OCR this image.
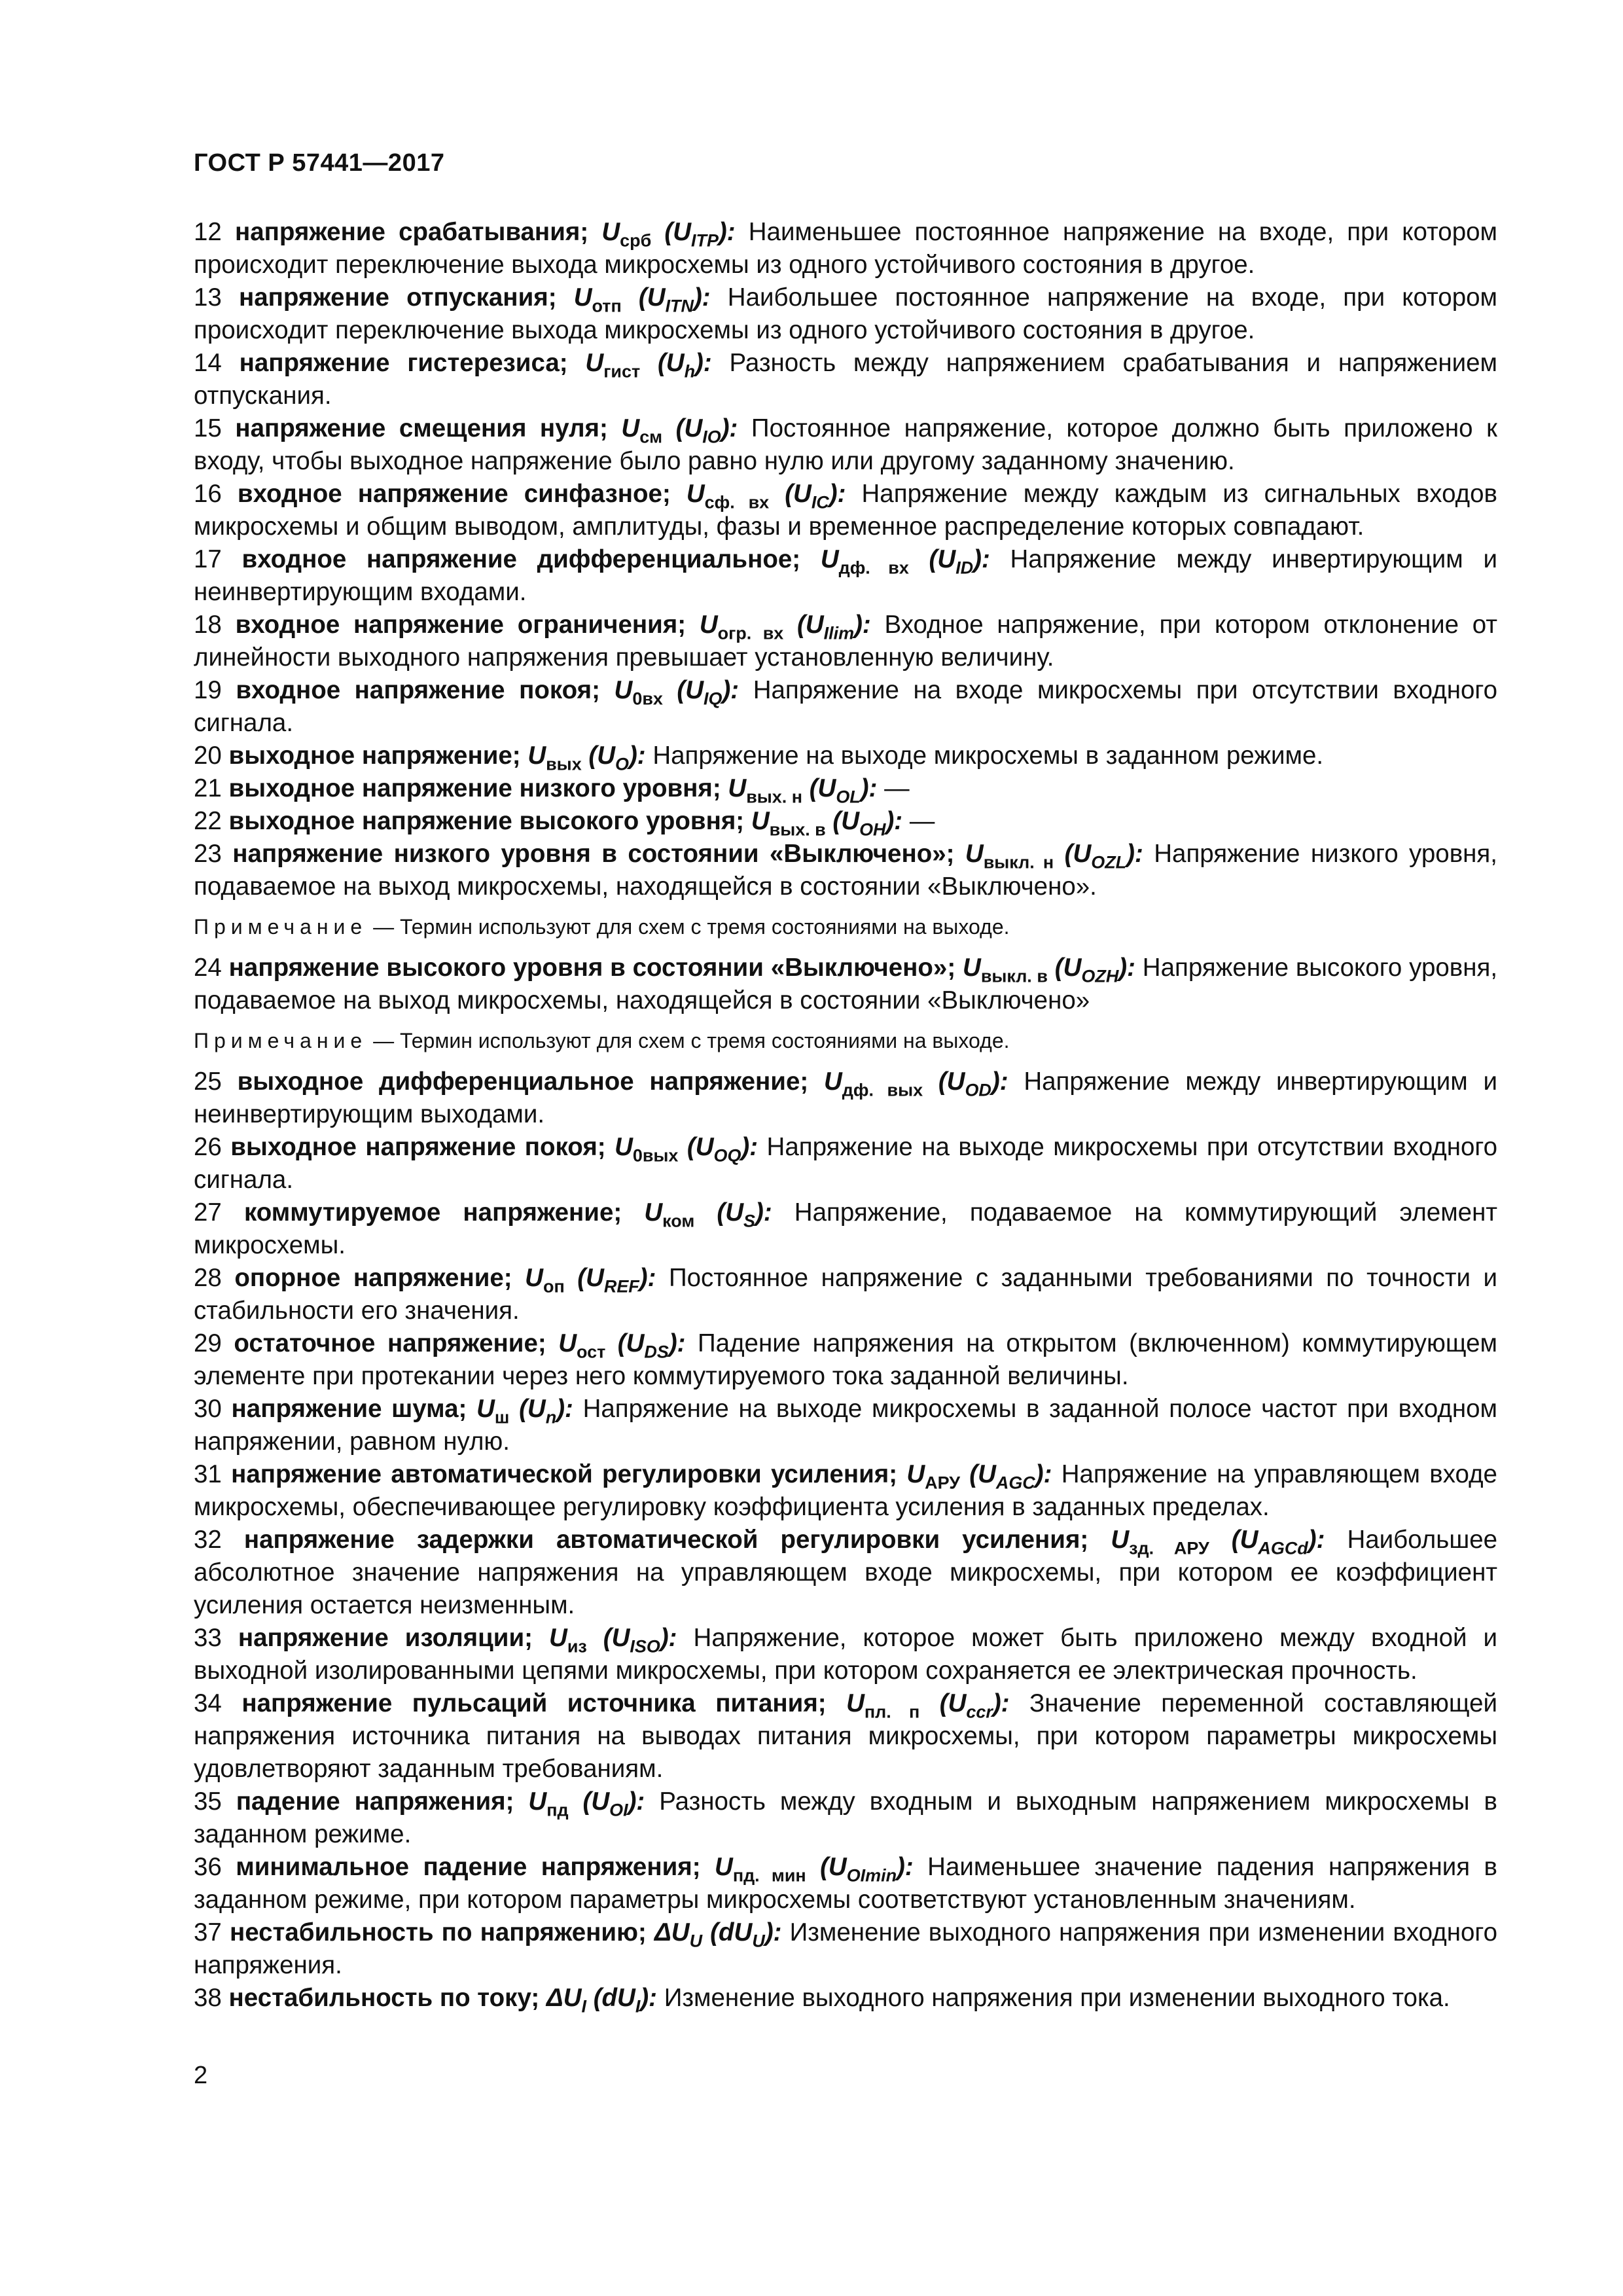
ГОСТ Р 57441—2017

12 напряжение срабатывания; $U_{срб}$ $(U_{ITP})$: Наименьшее постоянное напряжение на входе, при котором происходит переключение выхода микросхемы из одного устойчивого состояния в другое.

13 напряжение отпускания; $U_{отп}$ $(U_{ITN})$: Наибольшее постоянное напряжение на входе, при котором происходит переключение выхода микросхемы из одного устойчивого состояния в другое.

14 напряжение гистерезиса; $U_{гист}$ $(U_h)$: Разность между напряжением срабатывания и напряжением отпускания.

15 напряжение смещения нуля; $U_{см}$ $(U_{IO})$: Постоянное напряжение, которое должно быть приложено к входу, чтобы выходное напряжение было равно нулю или другому заданному значению.

16 входное напряжение синфазное; $U_{сф. вх}$ $(U_{IC})$: Напряжение между каждым из сигнальных входов микросхемы и общим выводом, амплитуды, фазы и временное распределение которых совпадают.

17 входное напряжение дифференциальное; $U_{дф. вх}$ $(U_{ID})$: Напряжение между инвертирующим и неинвертирующим входами.

18 входное напряжение ограничения; $U_{огр. вх}$ $(U_{Ilim})$: Входное напряжение, при котором отклонение от линейности выходного напряжения превышает установленную величину.

19 входное напряжение покоя; $U_{0вх}$ $(U_{IQ})$: Напряжение на входе микросхемы при отсутствии входного сигнала.

20 выходное напряжение; $U_{вых}$ $(U_O)$: Напряжение на выходе микросхемы в заданном режиме.

21 выходное напряжение низкого уровня; $U_{вых. н}$ $(U_{OL})$: —

22 выходное напряжение высокого уровня; $U_{вых. в}$ $(U_{OH})$: —

23 напряжение низкого уровня в состоянии «Выключено»; $U_{выкл. н}$ $(U_{OZL})$: Напряжение низкого уровня, подаваемое на выход микросхемы, находящейся в состоянии «Выключено».

Примечание — Термин используют для схем с тремя состояниями на выходе.

24 напряжение высокого уровня в состоянии «Выключено»; $U_{выкл. в}$ $(U_{OZH})$: Напряжение высокого уровня, подаваемое на выход микросхемы, находящейся в состоянии «Выключено»

Примечание — Термин используют для схем с тремя состояниями на выходе.

25 выходное дифференциальное напряжение; $U_{дф. вых}$ $(U_{OD})$: Напряжение между инвертирующим и неинвертирующим выходами.

26 выходное напряжение покоя; $U_{0вых}$ $(U_{OQ})$: Напряжение на выходе микросхемы при отсутствии входного сигнала.

27 коммутируемое напряжение; $U_{ком}$ $(U_S)$: Напряжение, подаваемое на коммутирующий элемент микросхемы.

28 опорное напряжение; $U_{оп}$ $(U_{REF})$: Постоянное напряжение с заданными требованиями по точности и стабильности его значения.

29 остаточное напряжение; $U_{ост}$ $(U_{DS})$: Падение напряжения на открытом (включенном) коммутирующем элементе при протекании через него коммутируемого тока заданной величины.

30 напряжение шума; $U_ш$ $(U_n)$: Напряжение на выходе микросхемы в заданной полосе частот при входном напряжении, равном нулю.

31 напряжение автоматической регулировки усиления; $U_{АРУ}$ $(U_{AGC})$: Напряжение на управляющем входе микросхемы, обеспечивающее регулировку коэффициента усиления в заданных пределах.

32 напряжение задержки автоматической регулировки усиления; $U_{зд. АРУ}$ $(U_{AGCd})$: Наибольшее абсолютное значение напряжения на управляющем входе микросхемы, при котором ее коэффициент усиления остается неизменным.

33 напряжение изоляции; $U_{из}$ $(U_{ISO})$: Напряжение, которое может быть приложено между входной и выходной изолированными цепями микросхемы, при котором сохраняется ее электрическая прочность.

34 напряжение пульсаций источника питания; $U_{пл. п}$ $(U_{ccr})$: Значение переменной составляющей напряжения источника питания на выводах питания микросхемы, при котором параметры микросхемы удовлетворяют заданным требованиям.

35 падение напряжения; $U_{пд}$ $(U_{OI})$: Разность между входным и выходным напряжением микросхемы в заданном режиме.

36 минимальное падение напряжения; $U_{пд. мин}$ $(U_{OImin})$: Наименьшее значение падения напряжения в заданном режиме, при котором параметры микросхемы соответствуют установленным значениям.

37 нестабильность по напряжению; $\Delta U_U$ $(dU_U)$: Изменение выходного напряжения при изменении входного напряжения.

38 нестабильность по току; $\Delta U_I$ $(dU_I)$: Изменение выходного напряжения при изменении выходного тока.

2
